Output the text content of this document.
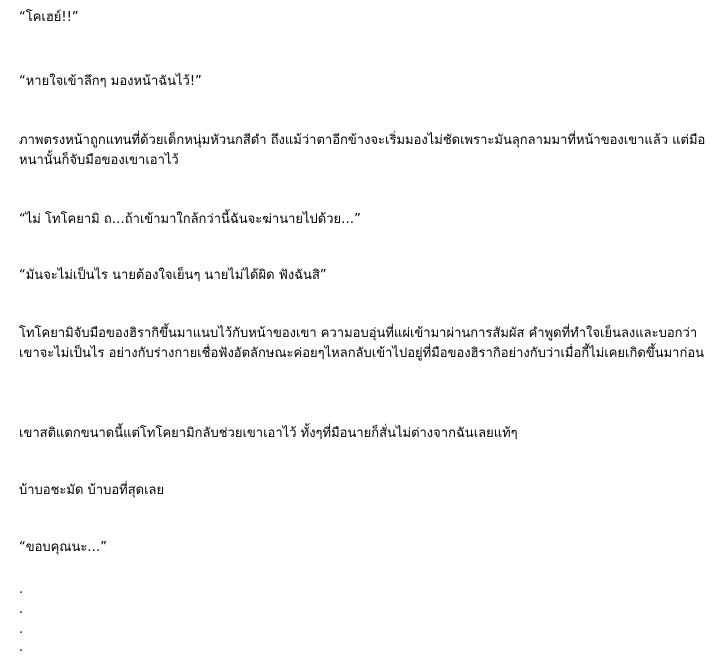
“โคเฮย์!!”

“หายใจเข้าลึกๆ มองหน้าฉันไว้!”

ภาพตรงหน้าถูกแทนที่ด้วยเด็กหนุ่มหัวนกสีดำ ถึงแม้ว่าตาอีกข้างจะเริ่มมองไม่ชัดเพราะมันลุกลามมาที่หน้าของเขาแล้ว แต่มือหนานั้นก็จับมือของเขาเอาไว้

“ไม่ โทโคยามิ ถ…ถ้าเข้ามาใกล้กว่านี้ฉันจะฆ่านายไปด้วย…”

“มันจะไม่เป็นไร นายต้องใจเย็นๆ นายไม่ได้ผิด ฟังฉันสิ”

โทโคยามิจับมือของฮิรากิขึ้นมาแนบไว้กับหน้าของเขา ความอบอุ่นที่แผ่เข้ามาผ่านการสัมผัส คำพูดที่ทำใจเย็นลงและบอกว่าเขาจะไม่เป็นไร อย่างกับร่างกายเชื่อฟังอัตลักษณะค่อยๆไหลกลับเข้าไปอยู่ที่มือของฮิรากิอย่างกับว่าเมื่อกี้ไม่เคยเกิดขึ้นมาก่อน

เขาสติแตกขนาดนี้แต่โทโคยามิกลับช่วยเขาเอาไว้ ทั้งๆที่มือนายก็สั่นไม่ต่างจากฉันเลยแท้ๆ

บ้าบอชะมัด บ้าบอที่สุดเลย

“ขอบคุณนะ…”

.

.

.

.
